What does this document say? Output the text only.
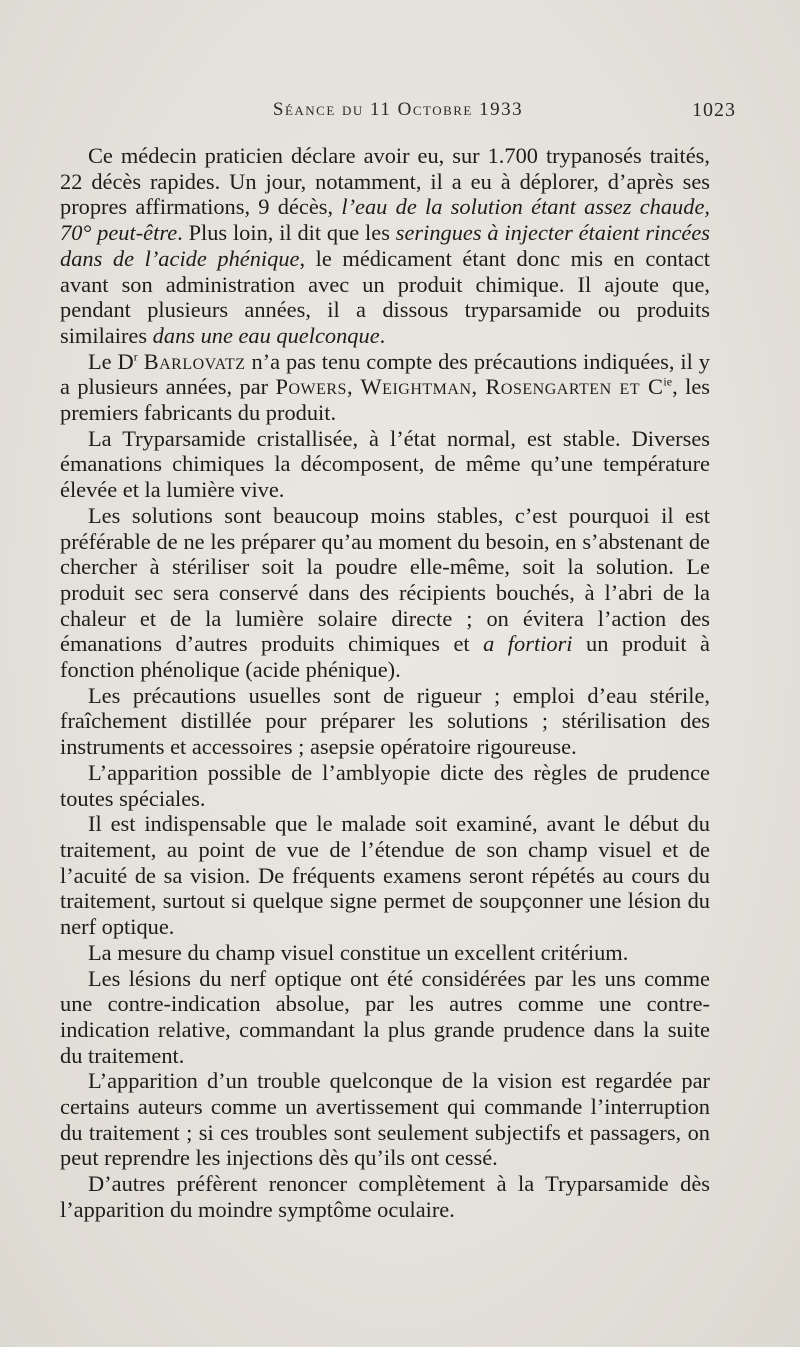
Séance du 11 Octobre 1933	1023

Ce médecin praticien déclare avoir eu, sur 1.700 trypanosés traités, 22 décès rapides. Un jour, notamment, il a eu à déplorer, d’après ses propres affirmations, 9 décès, l’eau de la solution étant assez chaude, 70° peut-être. Plus loin, il dit que les seringues à injecter étaient rincées dans de l’acide phénique, le médicament étant donc mis en contact avant son administration avec un produit chimique. Il ajoute que, pendant plusieurs années, il a dissous tryparsamide ou produits similaires dans une eau quelconque.

Le $D^r$ Barlovatz n’a pas tenu compte des précautions indiquées, il y a plusieurs années, par Powers, Weightman, Rosengarten et $C^{ie}$, les premiers fabricants du produit.

La Tryparsamide cristallisée, à l’état normal, est stable. Diverses émanations chimiques la décomposent, de même qu’une température élevée et la lumière vive.

Les solutions sont beaucoup moins stables, c’est pourquoi il est préférable de ne les préparer qu’au moment du besoin, en s’abstenant de chercher à stériliser soit la poudre elle-même, soit la solution. Le produit sec sera conservé dans des récipients bouchés, à l’abri de la chaleur et de la lumière solaire directe ; on évitera l’action des émanations d’autres produits chimiques et a fortiori un produit à fonction phénolique (acide phénique).

Les précautions usuelles sont de rigueur ; emploi d’eau stérile, fraîchement distillée pour préparer les solutions ; stérilisation des instruments et accessoires ; asepsie opératoire rigoureuse.

L’apparition possible de l’amblyopie dicte des règles de prudence toutes spéciales.

Il est indispensable que le malade soit examiné, avant le début du traitement, au point de vue de l’étendue de son champ visuel et de l’acuité de sa vision. De fréquents examens seront répétés au cours du traitement, surtout si quelque signe permet de soupçonner une lésion du nerf optique.

La mesure du champ visuel constitue un excellent critérium.

Les lésions du nerf optique ont été considérées par les uns comme une contre-indication absolue, par les autres comme une contre-indication relative, commandant la plus grande prudence dans la suite du traitement.

L’apparition d’un trouble quelconque de la vision est regardée par certains auteurs comme un avertissement qui commande l’interruption du traitement ; si ces troubles sont seulement subjectifs et passagers, on peut reprendre les injections dès qu’ils ont cessé.

D’autres préfèrent renoncer complètement à la Tryparsamide dès l’apparition du moindre symptôme oculaire.
